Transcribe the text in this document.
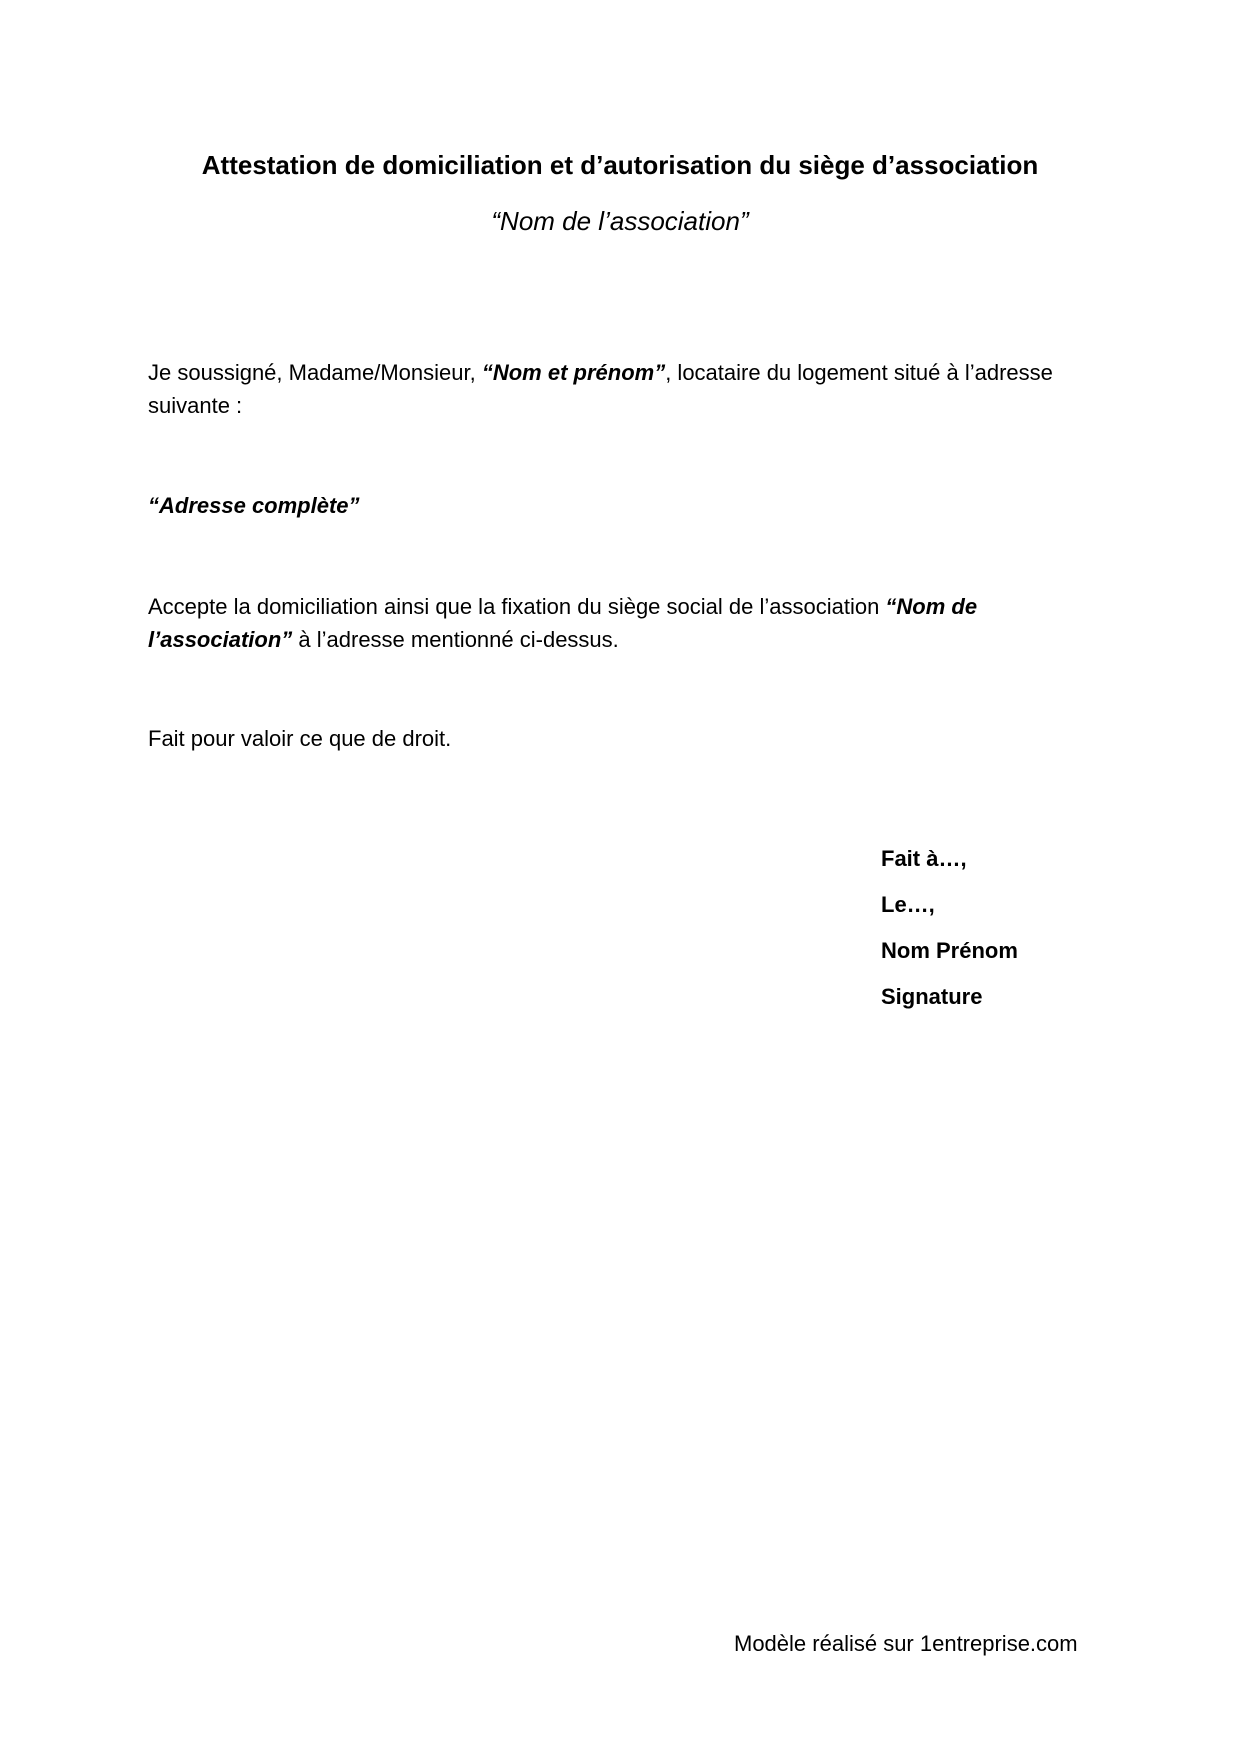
Attestation de domiciliation et d’autorisation du siège d’association
“Nom de l’association”
Je soussigné, Madame/Monsieur, “Nom et prénom”, locataire du logement situé à l’adresse suivante :
“Adresse complète”
Accepte la domiciliation ainsi que la fixation du siège social de l’association “Nom de l’association” à l’adresse mentionné ci-dessus.
Fait pour valoir ce que de droit.
Fait à…,
Le…,
Nom Prénom
Signature
Modèle réalisé sur 1entreprise.com
